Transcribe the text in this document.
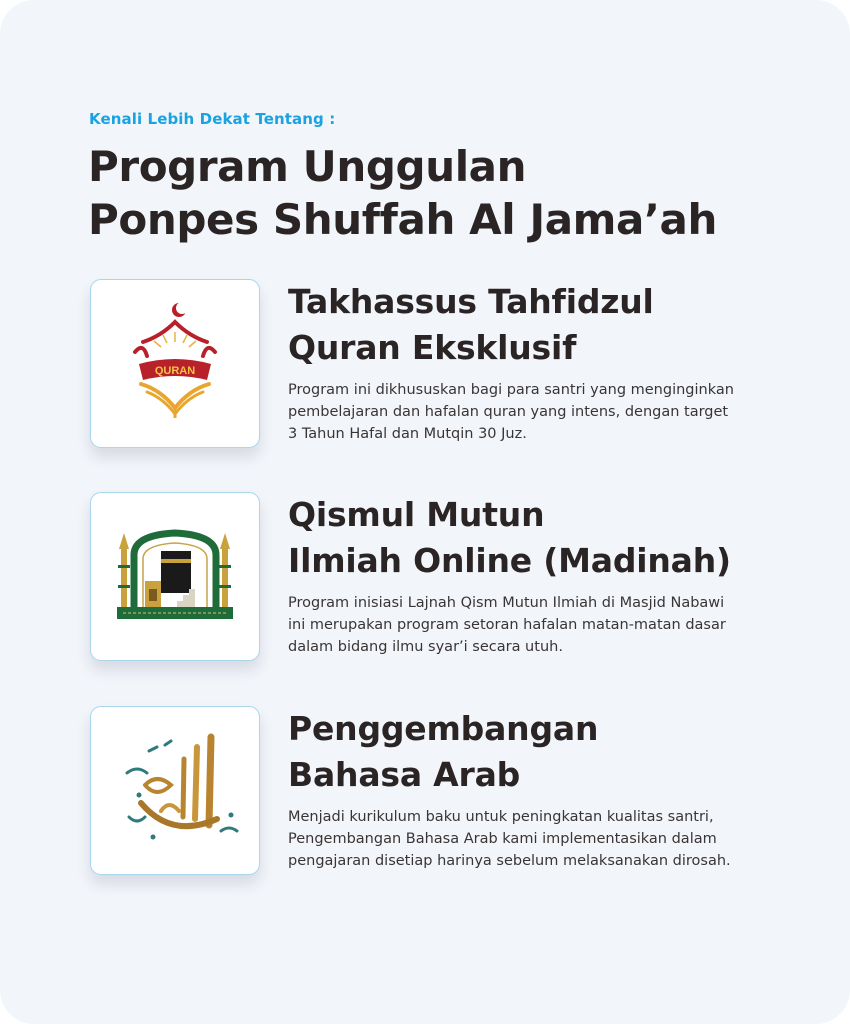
Kenali Lebih Dekat Tentang :
Program Unggulan
Ponpes Shuffah Al Jama’ah
QURAN
Takhassus Tahfidzul
Quran Eksklusif

Program ini dikhususkan bagi para santri yang menginginkan
pembelajaran dan hafalan quran yang intens, dengan target
3 Tahun Hafal dan Mutqin 30 Juz.

Qismul Mutun
Ilmiah Online (Madinah)

Program inisiasi Lajnah Qism Mutun Ilmiah di Masjid Nabawi
ini merupakan program setoran hafalan matan-matan dasar
dalam bidang ilmu syar’i secara utuh.

Penggembangan
Bahasa Arab

Menjadi kurikulum baku untuk peningkatan kualitas santri,
Pengembangan Bahasa Arab kami implementasikan dalam
pengajaran disetiap harinya sebelum melaksanakan dirosah.
